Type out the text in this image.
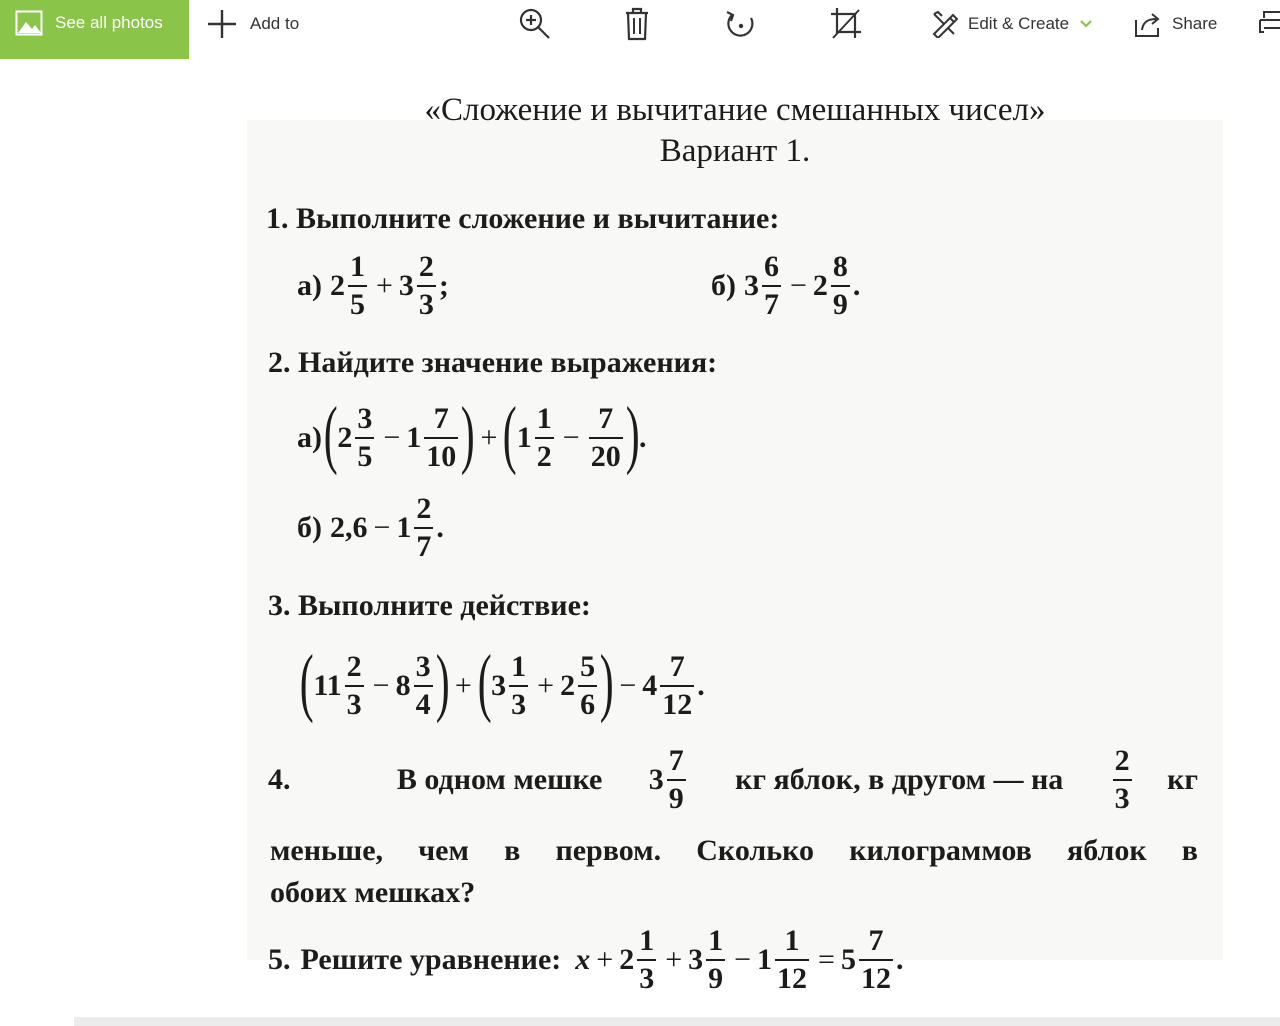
See all photos	Add to	Edit & Create	Share
«Сложение и вычитание смешанных чисел»
Вариант 1.
1. Выполните сложение и вычитание:
а) $2 \frac{1}{5} + 3 \frac{2}{3}$ ;	б) $3 \frac{6}{7} - 2 \frac{8}{9}$ .
2. Найдите значение выражения:
а) ( $2 \frac{3}{5} - 1 \frac{7}{10}$ ) + ( $1 \frac{1}{2} - \frac{7}{20}$ ) .
б) $2,6 - 1 \frac{2}{7}$ .
3. Выполните действие:
( $11 \frac{2}{3} - 8 \frac{3}{4}$ ) + ( $3 \frac{1}{3} + 2 \frac{5}{6}$ ) − $4 \frac{7}{12}$ .
4.	В одном мешке $3 \frac{7}{9}$ кг яблок, в другом — на $\frac{2}{3}$ кг
меньше, чем в первом. Сколько килограммов яблок в
обоих мешках?
5. Решите уравнение: $x + 2 \frac{1}{3} + 3 \frac{1}{9} - 1 \frac{1}{12} = 5 \frac{7}{12}$ .
